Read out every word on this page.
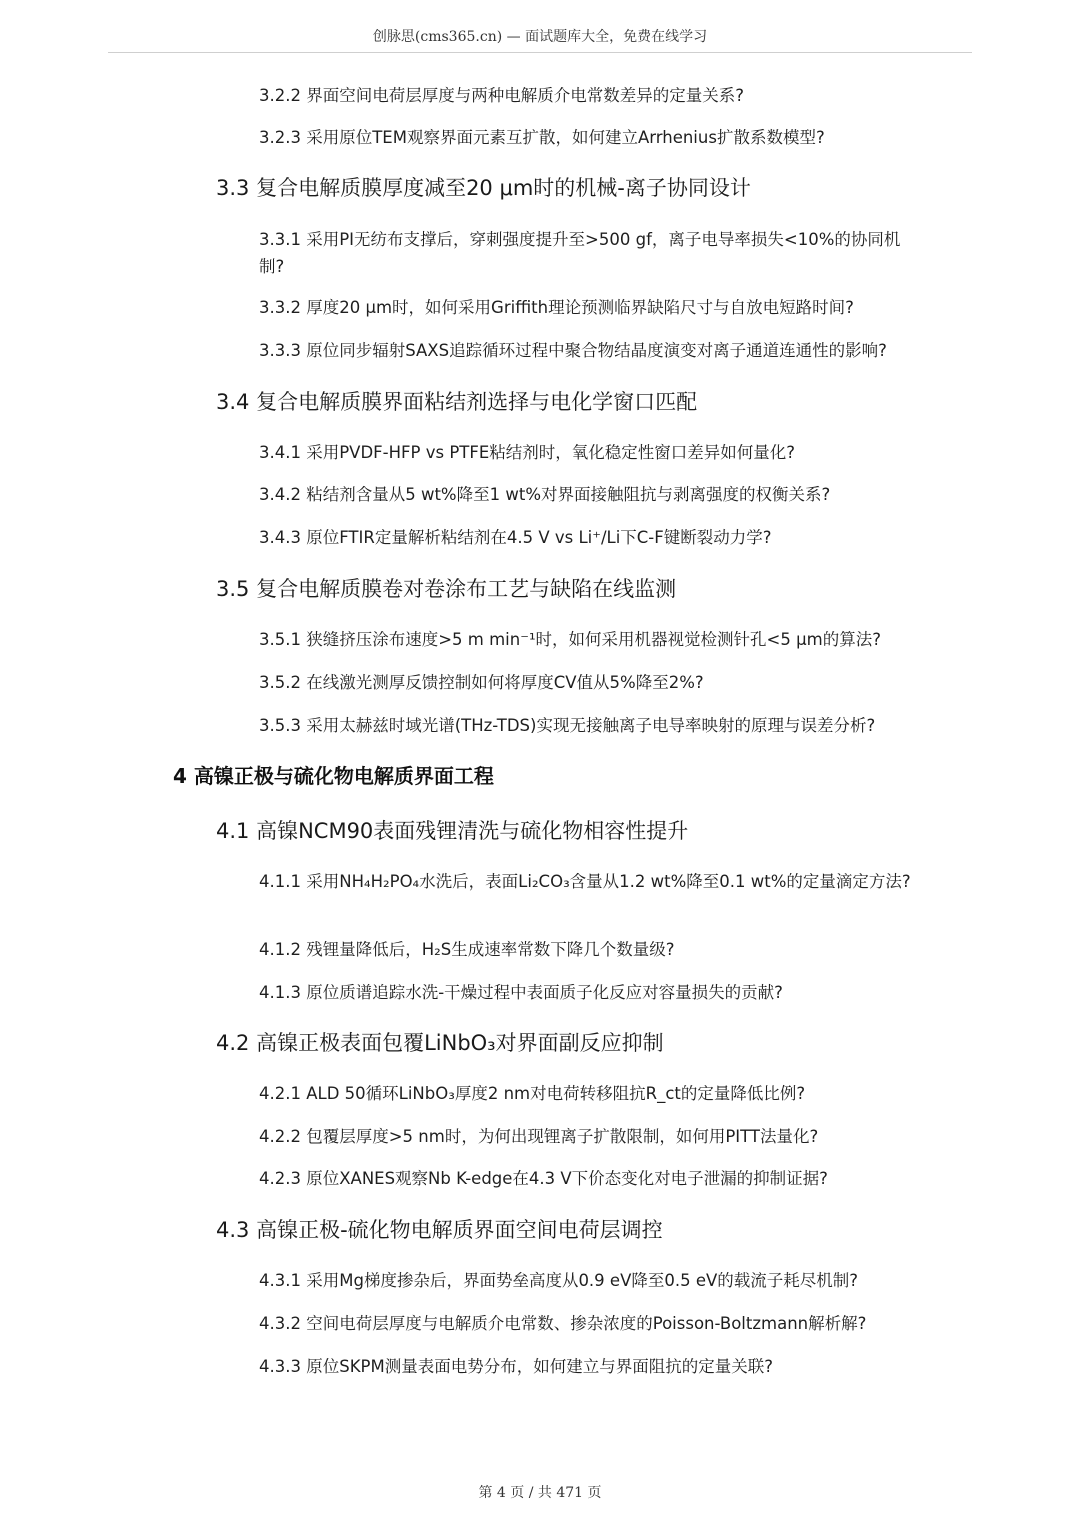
创脉思(cms365.cn) — 面试题库大全，免费在线学习
3.2.2 界面空间电荷层厚度与两种电解质介电常数差异的定量关系?
3.2.3 采用原位TEM观察界面元素互扩散，如何建立Arrhenius扩散系数模型?
3.3 复合电解质膜厚度减至20 μm时的机械-离子协同设计
3.3.1 采用PI无纺布支撑后，穿刺强度提升至>500 gf，离子电导率损失<10%的协同机制?
3.3.2 厚度20 μm时，如何采用Griffith理论预测临界缺陷尺寸与自放电短路时间?
3.3.3 原位同步辐射SAXS追踪循环过程中聚合物结晶度演变对离子通道连通性的影响?
3.4 复合电解质膜界面粘结剂选择与电化学窗口匹配
3.4.1 采用PVDF-HFP vs PTFE粘结剂时，氧化稳定性窗口差异如何量化?
3.4.2 粘结剂含量从5 wt%降至1 wt%对界面接触阻抗与剥离强度的权衡关系?
3.4.3 原位FTIR定量解析粘结剂在4.5 V vs Li⁺/Li下C-F键断裂动力学?
3.5 复合电解质膜卷对卷涂布工艺与缺陷在线监测
3.5.1 狭缝挤压涂布速度>5 m min⁻¹时，如何采用机器视觉检测针孔<5 μm的算法?
3.5.2 在线激光测厚反馈控制如何将厚度CV值从5%降至2%?
3.5.3 采用太赫兹时域光谱(THz-TDS)实现无接触离子电导率映射的原理与误差分析?
4 高镍正极与硫化物电解质界面工程
4.1 高镍NCM90表面残锂清洗与硫化物相容性提升
4.1.1 采用NH₄H₂PO₄水洗后，表面Li₂CO₃含量从1.2 wt%降至0.1 wt%的定量滴定方法?
4.1.2 残锂量降低后，H₂S生成速率常数下降几个数量级?
4.1.3 原位质谱追踪水洗-干燥过程中表面质子化反应对容量损失的贡献?
4.2 高镍正极表面包覆LiNbO₃对界面副反应抑制
4.2.1 ALD 50循环LiNbO₃厚度2 nm对电荷转移阻抗R_ct的定量降低比例?
4.2.2 包覆层厚度>5 nm时，为何出现锂离子扩散限制，如何用PITT法量化?
4.2.3 原位XANES观察Nb K-edge在4.3 V下价态变化对电子泄漏的抑制证据?
4.3 高镍正极-硫化物电解质界面空间电荷层调控
4.3.1 采用Mg梯度掺杂后，界面势垒高度从0.9 eV降至0.5 eV的载流子耗尽机制?
4.3.2 空间电荷层厚度与电解质介电常数、掺杂浓度的Poisson-Boltzmann解析解?
4.3.3 原位SKPM测量表面电势分布，如何建立与界面阻抗的定量关联?
第 4 页 / 共 471 页
